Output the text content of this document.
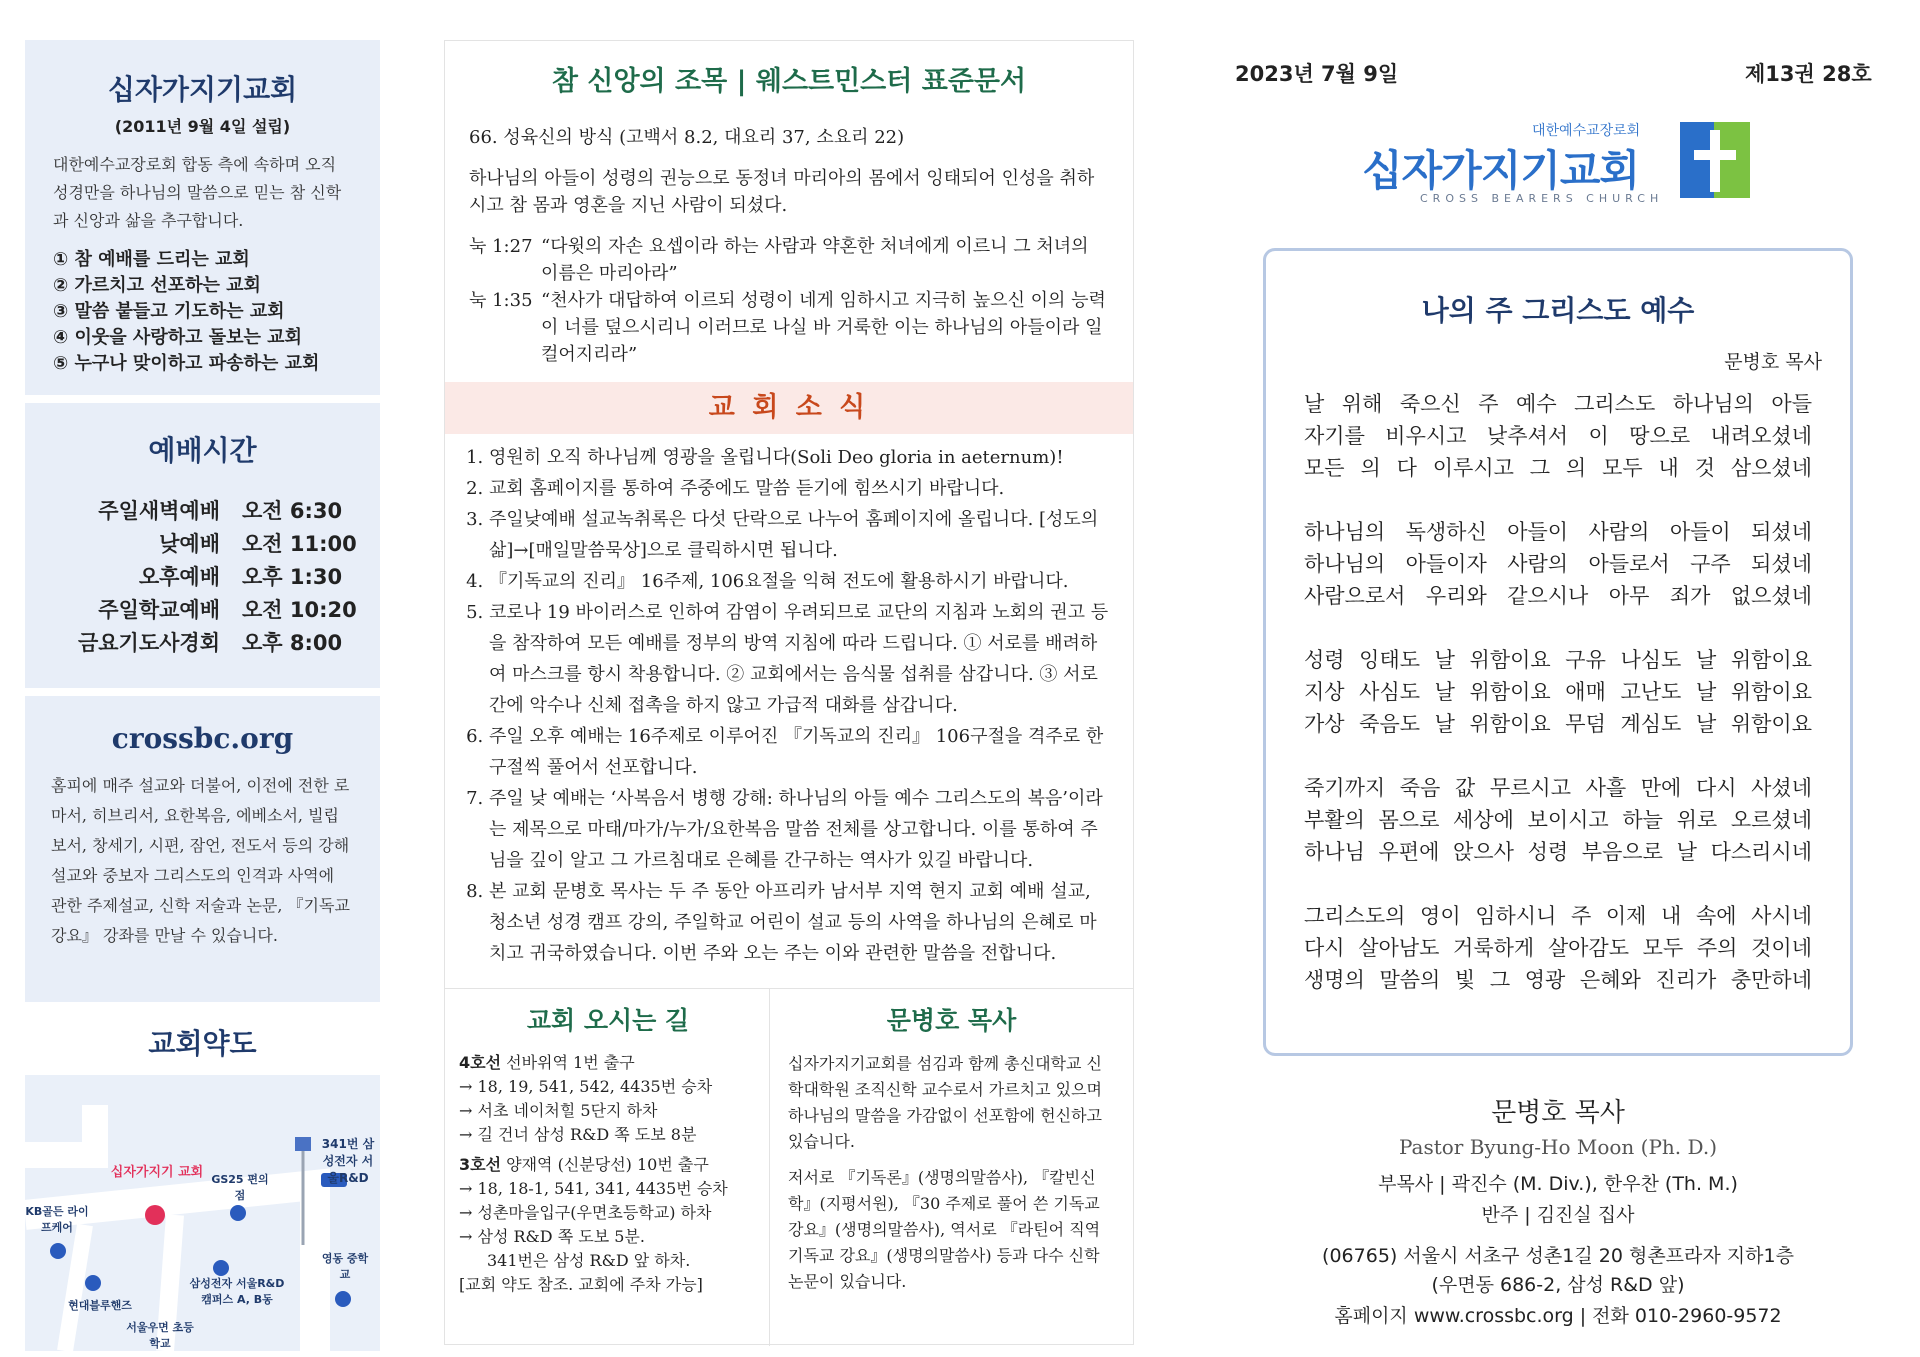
십자가지기교회

(2011년 9월 4일 설립)

대한예수교장로회 합동 측에 속하며 오직 성경만을 하나님의 말씀으로 믿는 참 신학과 신앙과 삶을 추구합니다.
① 참 예배를 드리는 교회
② 가르치고 선포하는 교회
③ 말씀 붙들고 기도하는 교회
④ 이웃을 사랑하고 돌보는 교회
⑤ 누구나 맞이하고 파송하는 교회

예배시간

주일새벽예배	오전 6:30
낮예배	오전 11:00
오후예배	오후 1:30
주일학교예배	오전 10:20
금요기도사경회	오후 8:00

crossbc.org

홈피에 매주 설교와 더불어, 이전에 전한 로마서, 히브리서, 요한복음, 에베소서, 빌립보서, 창세기, 시편, 잠언, 전도서 등의 강해설교와 중보자 그리스도의 인격과 사역에 관한 주제설교, 신학 저술과 논문, 『기독교 강요』 강좌를 만날 수 있습니다.
교회약도
십자가지기 교회 GS25 편의점
341번 삼성전자 서울R&D
KB골든 라이프케어
현대블루핸즈
삼성전자 서울R&D캠퍼스 A, B동
서울우면 초등학교
영동 중학교
참 신앙의 조목 | 웨스트민스터 표준문서
66. 성육신의 방식 (고백서 8.2, 대요리 37, 소요리 22)
하나님의 아들이 성령의 권능으로 동정녀 마리아의 몸에서 잉태되어 인성을 취하시고 참 몸과 영혼을 지닌 사람이 되셨다.
눅 1:27 “다윗의 자손 요셉이라 하는 사람과 약혼한 처녀에게 이르니 그 처녀의 이름은 마리아라”
눅 1:35 “천사가 대답하여 이르되 성령이 네게 임하시고 지극히 높으신 이의 능력이 너를 덮으시리니 이러므로 나실 바 거룩한 이는 하나님의 아들이라 일컬어지리라”
교 회 소 식
1. 영원히 오직 하나님께 영광을 올립니다(Soli Deo gloria in aeternum)!
2. 교회 홈페이지를 통하여 주중에도 말씀 듣기에 힘쓰시기 바랍니다.
3. 주일낮예배 설교녹취록은 다섯 단락으로 나누어 홈페이지에 올립니다. [성도의 삶]→[매일말씀묵상]으로 클릭하시면 됩니다.
4. 『기독교의 진리』 16주제, 106요절을 익혀 전도에 활용하시기 바랍니다.
5. 코로나 19 바이러스로 인하여 감염이 우려되므로 교단의 지침과 노회의 권고 등을 참작하여 모든 예배를 정부의 방역 지침에 따라 드립니다. ① 서로를 배려하여 마스크를 항시 착용합니다. ② 교회에서는 음식물 섭취를 삼갑니다. ③ 서로 간에 악수나 신체 접촉을 하지 않고 가급적 대화를 삼갑니다.
6. 주일 오후 예배는 16주제로 이루어진 『기독교의 진리』 106구절을 격주로 한 구절씩 풀어서 선포합니다.
7. 주일 낮 예배는 ‘사복음서 병행 강해: 하나님의 아들 예수 그리스도의 복음’이라는 제목으로 마태/마가/누가/요한복음 말씀 전체를 상고합니다. 이를 통하여 주님을 깊이 알고 그 가르침대로 은혜를 간구하는 역사가 있길 바랍니다.
8. 본 교회 문병호 목사는 두 주 동안 아프리카 남서부 지역 현지 교회 예배 설교, 청소년 성경 캠프 강의, 주일학교 어린이 설교 등의 사역을 하나님의 은혜로 마치고 귀국하였습니다. 이번 주와 오는 주는 이와 관련한 말씀을 전합니다.
교회 오시는 길
4호선 선바위역 1번 출구
→ 18, 19, 541, 542, 4435번 승차
→ 서초 네이처힐 5단지 하차
→ 길 건너 삼성 R&D 쪽 도보 8분
3호선 양재역 (신분당선) 10번 출구
→ 18, 18-1, 541, 341, 4435번 승차
→ 성촌마을입구(우면초등학교) 하차
→ 삼성 R&D 쪽 도보 5분.
341번은 삼성 R&D 앞 하차.
[교회 약도 참조. 교회에 주차 가능]
문병호 목사
십자가지기교회를 섬김과 함께 총신대학교 신학대학원 조직신학 교수로서 가르치고 있으며 하나님의 말씀을 가감없이 선포함에 헌신하고 있습니다.
저서로 『기독론』(생명의말씀사), 『칼빈신학』(지평서원), 『30 주제로 풀어 쓴 기독교 강요』(생명의말씀사), 역서로 『라틴어 직역 기독교 강요』(생명의말씀사) 등과 다수 신학논문이 있습니다.
2023년 7월 9일	제13권 28호
대한예수교장로회
십자가지기교회
CROSS BEARERS CHURCH
나의 주 그리스도 예수
문병호 목사
날 위해 죽으신 주 예수 그리스도 하나님의 아들
자기를 비우시고 낮추셔서 이 땅으로 내려오셨네
모든 의 다 이루시고 그 의 모두 내 것 삼으셨네
하나님의 독생하신 아들이 사람의 아들이 되셨네
하나님의 아들이자 사람의 아들로서 구주 되셨네
사람으로서 우리와 같으시나 아무 죄가 없으셨네
성령 잉태도 날 위함이요 구유 나심도 날 위함이요
지상 사심도 날 위함이요 애매 고난도 날 위함이요
가상 죽음도 날 위함이요 무덤 계심도 날 위함이요
죽기까지 죽음 값 무르시고 사흘 만에 다시 사셨네
부활의 몸으로 세상에 보이시고 하늘 위로 오르셨네
하나님 우편에 앉으사 성령 부음으로 날 다스리시네
그리스도의 영이 임하시니 주 이제 내 속에 사시네
다시 살아남도 거룩하게 살아감도 모두 주의 것이네
생명의 말씀의 빛 그 영광 은혜와 진리가 충만하네
문병호 목사
Pastor Byung-Ho Moon (Ph. D.)
부목사 | 곽진수 (M. Div.), 한우찬 (Th. M.)
반주 | 김진실 집사
(06765) 서울시 서초구 성촌1길 20 형촌프라자 지하1층
(우면동 686-2, 삼성 R&D 앞)
홈페이지 www.crossbc.org | 전화 010-2960-9572
